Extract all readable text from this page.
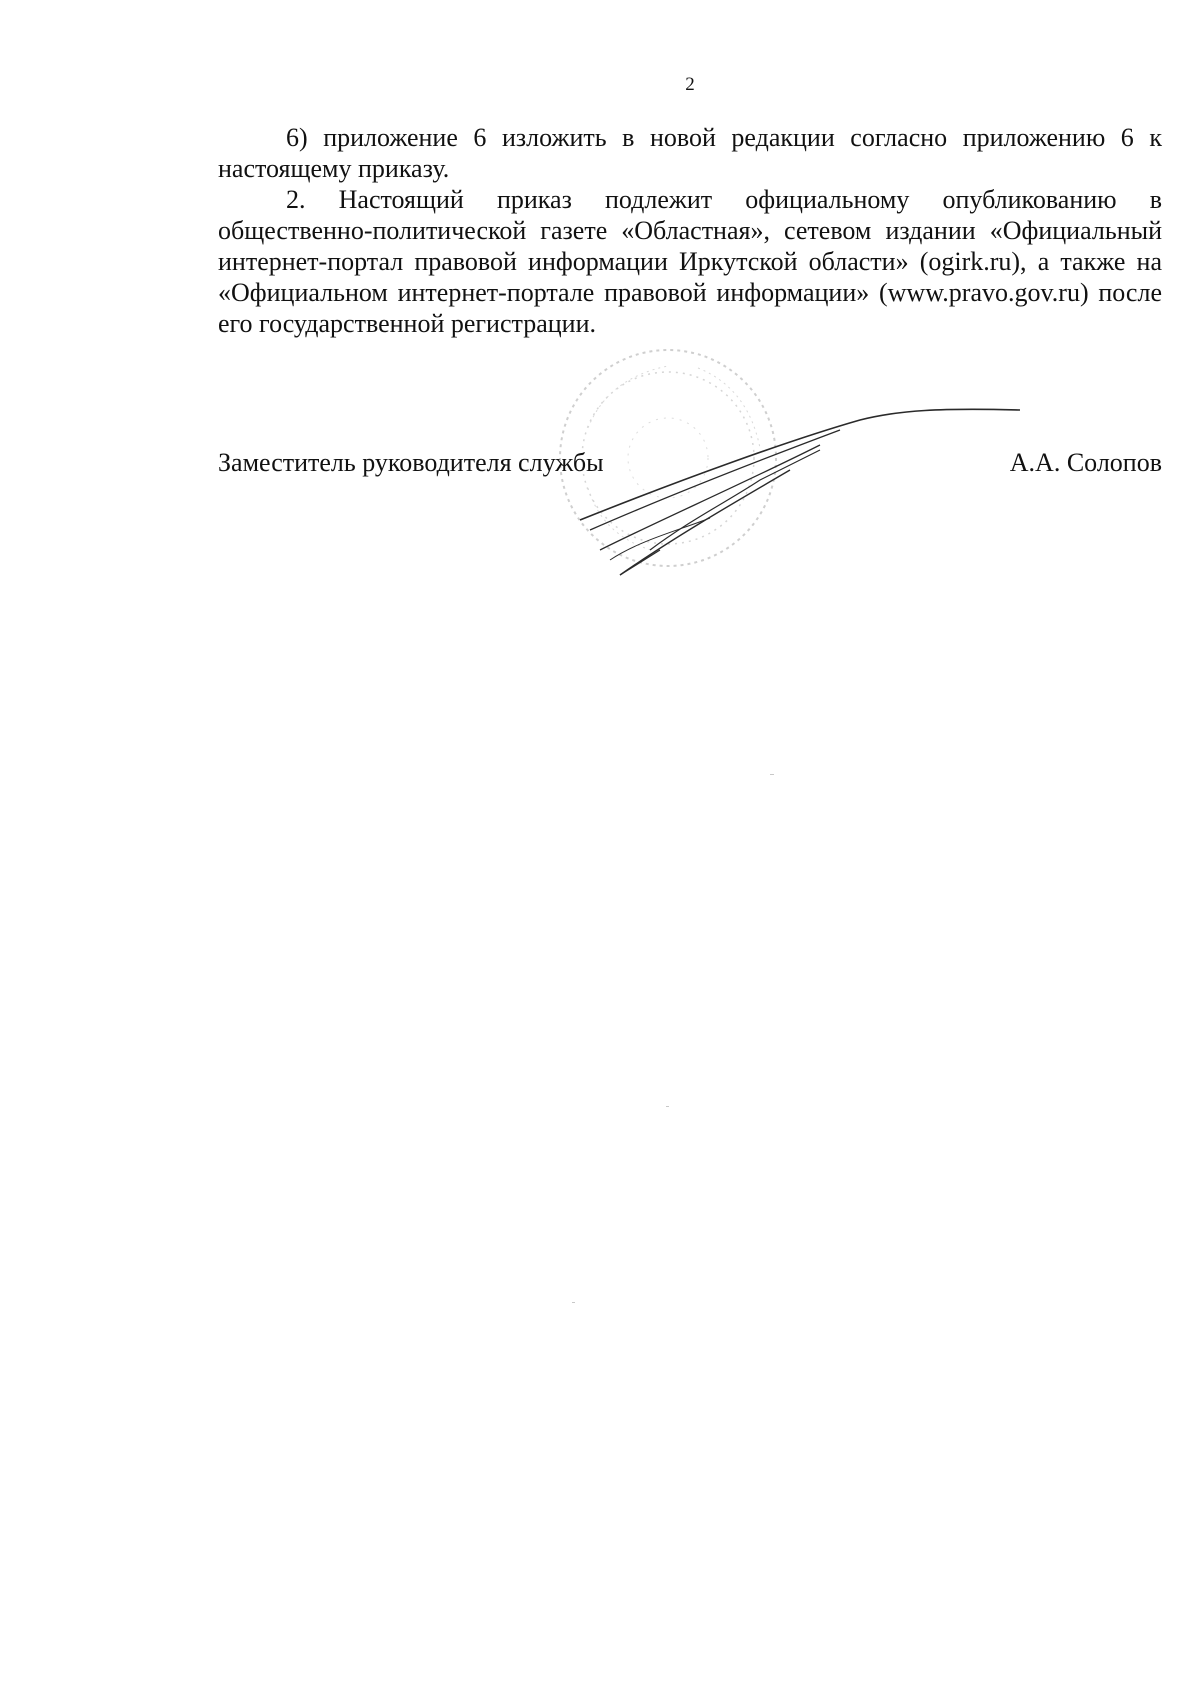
2

6) приложение 6 изложить в новой редакции согласно приложению 6 к настоящему приказу.

2. Настоящий приказ подлежит официальному опубликованию в общественно-политической газете «Областная», сетевом издании «Официальный интернет-портал правовой информации Иркутской области» (ogirk.ru), а также на «Официальном интернет-портале правовой информации» (www.pravo.gov.ru) после его государственной регистрации.

Заместитель руководителя службы	А.А. Солопов
